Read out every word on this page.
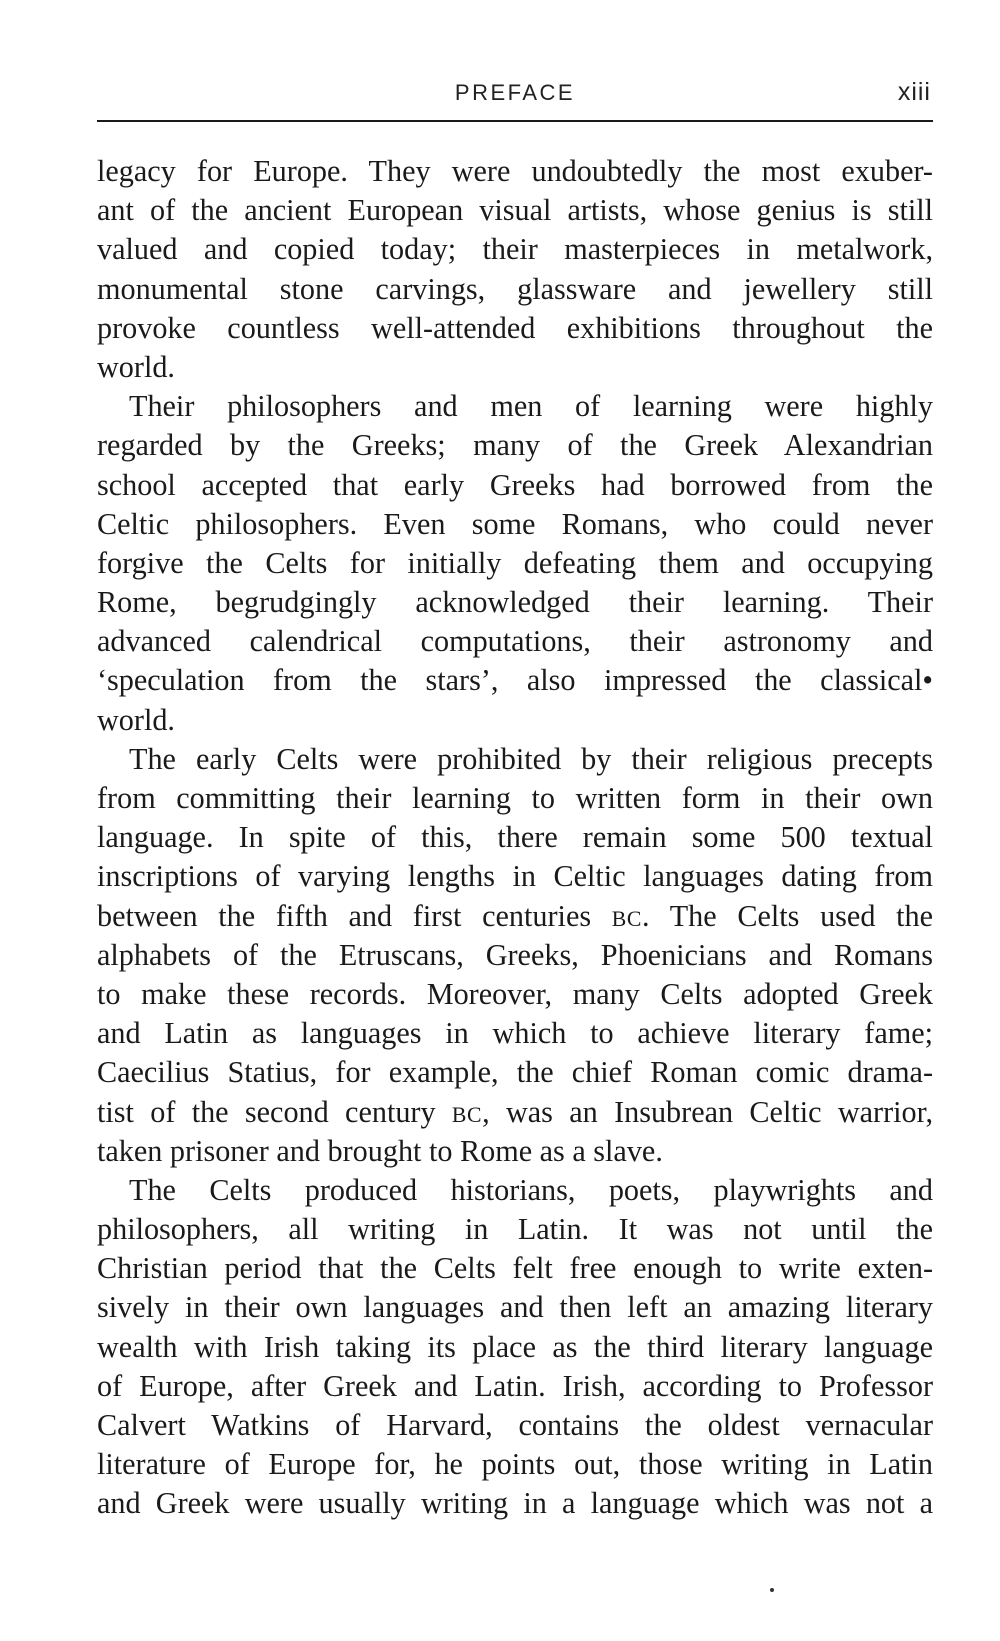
PREFACE	xiii
legacy for Europe. They were undoubtedly the most exuber-
ant of the ancient European visual artists, whose genius is still
valued and copied today; their masterpieces in metalwork,
monumental stone carvings, glassware and jewellery still
provoke countless well-attended exhibitions throughout the
world.
Their philosophers and men of learning were highly
regarded by the Greeks; many of the Greek Alexandrian
school accepted that early Greeks had borrowed from the
Celtic philosophers. Even some Romans, who could never
forgive the Celts for initially defeating them and occupying
Rome, begrudgingly acknowledged their learning. Their
advanced calendrical computations, their astronomy and
‘speculation from the stars’, also impressed the classical•
world.
The early Celts were prohibited by their religious precepts
from committing their learning to written form in their own
language. In spite of this, there remain some 500 textual
inscriptions of varying lengths in Celtic languages dating from
between the fifth and first centuries BC. The Celts used the
alphabets of the Etruscans, Greeks, Phoenicians and Romans
to make these records. Moreover, many Celts adopted Greek
and Latin as languages in which to achieve literary fame;
Caecilius Statius, for example, the chief Roman comic drama-
tist of the second century BC, was an Insubrean Celtic warrior,
taken prisoner and brought to Rome as a slave.
The Celts produced historians, poets, playwrights and
philosophers, all writing in Latin. It was not until the
Christian period that the Celts felt free enough to write exten-
sively in their own languages and then left an amazing literary
wealth with Irish taking its place as the third literary language
of Europe, after Greek and Latin. Irish, according to Professor
Calvert Watkins of Harvard, contains the oldest vernacular
literature of Europe for, he points out, those writing in Latin
and Greek were usually writing in a language which was not a
